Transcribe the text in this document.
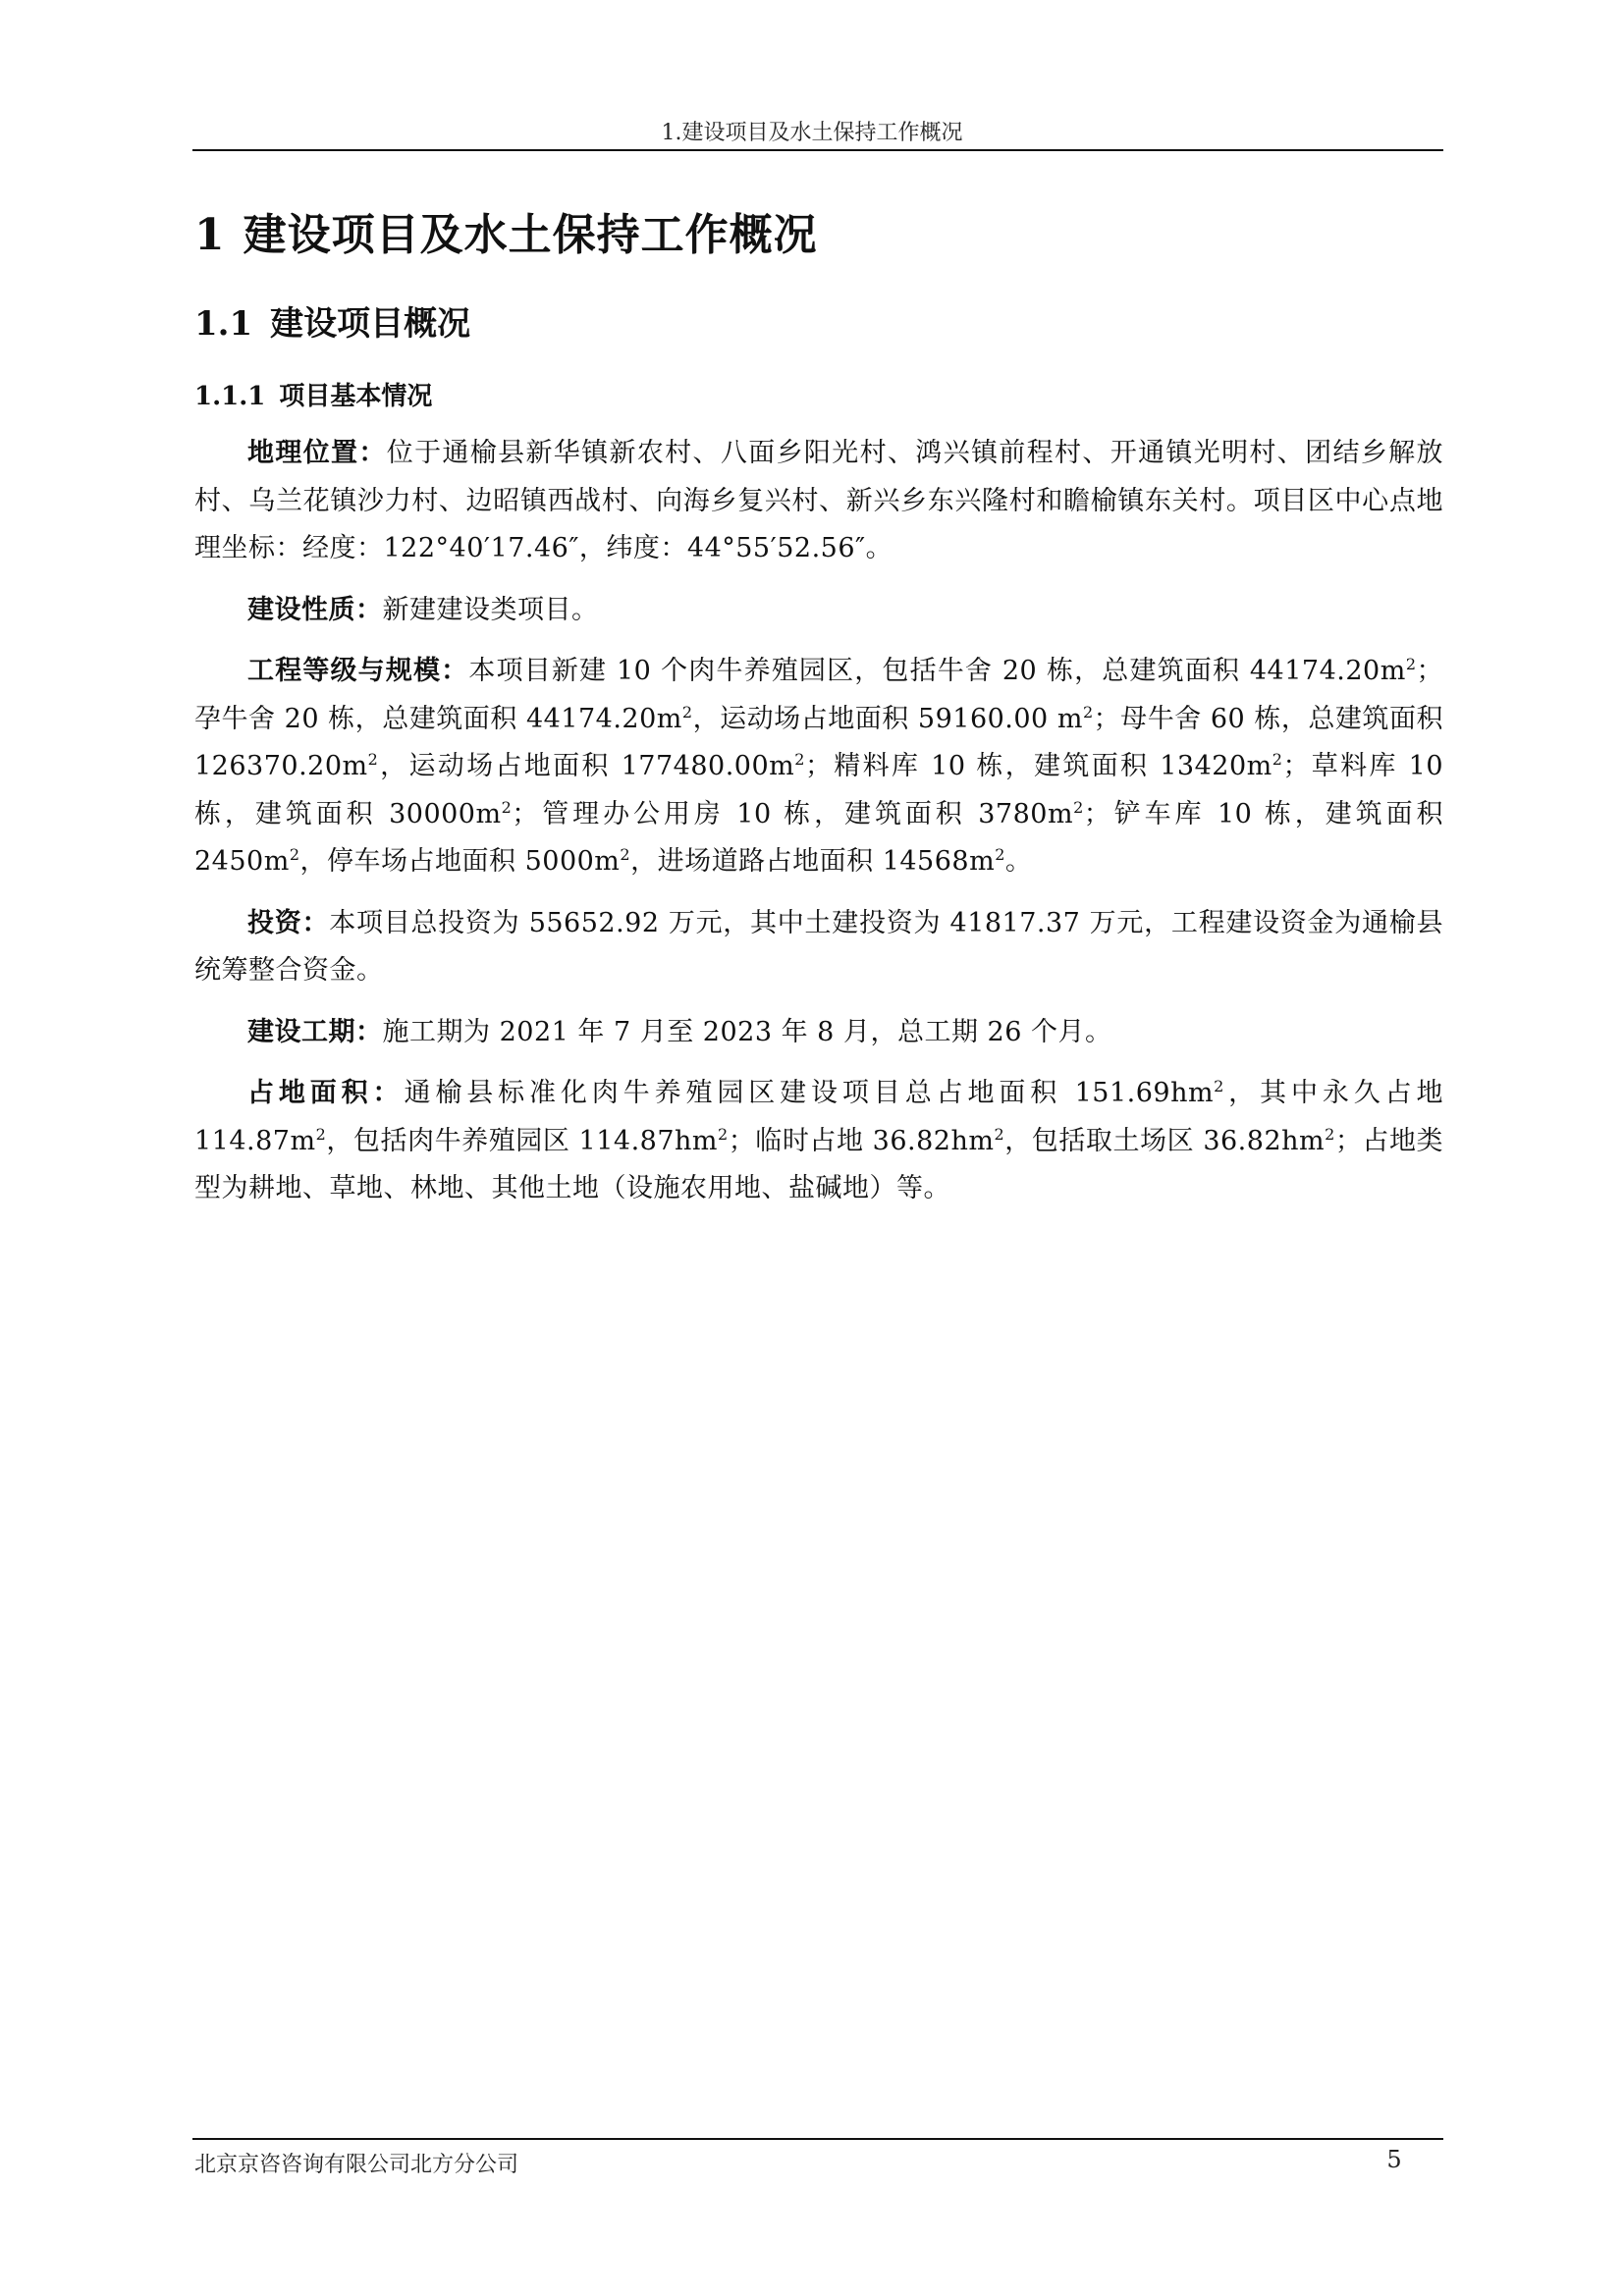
1.建设项目及水土保持工作概况
1 建设项目及水土保持工作概况
1.1 建设项目概况
1.1.1 项目基本情况

地理位置：位于通榆县新华镇新农村、八面乡阳光村、鸿兴镇前程村、开通镇光明村、团结乡解放村、乌兰花镇沙力村、边昭镇西战村、向海乡复兴村、新兴乡东兴隆村和瞻榆镇东关村。项目区中心点地理坐标：经度：122°40′17.46″，纬度：44°55′52.56″。

建设性质：新建建设类项目。

工程等级与规模：本项目新建 10 个肉牛养殖园区，包括牛舍 20 栋，总建筑面积 $44174.20m^2$；孕牛舍 20 栋，总建筑面积 $44174.20m^2$，运动场占地面积 59160.00 $m^2$；母牛舍 60 栋，总建筑面积 $126370.20m^2$，运动场占地面积 $177480.00m^2$；精料库 10 栋，建筑面积 $13420m^2$；草料库 10 栋，建筑面积 $30000m^2$；管理办公用房 10 栋，建筑面积 $3780m^2$；铲车库 10 栋，建筑面积 $2450m^2$，停车场占地面积 $5000m^2$，进场道路占地面积 $14568m^2$。

投资：本项目总投资为 55652.92 万元，其中土建投资为 41817.37 万元，工程建设资金为通榆县统筹整合资金。

建设工期：施工期为 2021 年 7 月至 2023 年 8 月，总工期 26 个月。

占地面积：通榆县标准化肉牛养殖园区建设项目总占地面积 $151.69hm^2$，其中永久占地 $114.87m^2$，包括肉牛养殖园区 $114.87hm^2$；临时占地 $36.82hm^2$，包括取土场区 $36.82hm^2$；占地类型为耕地、草地、林地、其他土地（设施农用地、盐碱地）等。

北京京咨咨询有限公司北方分公司	5
